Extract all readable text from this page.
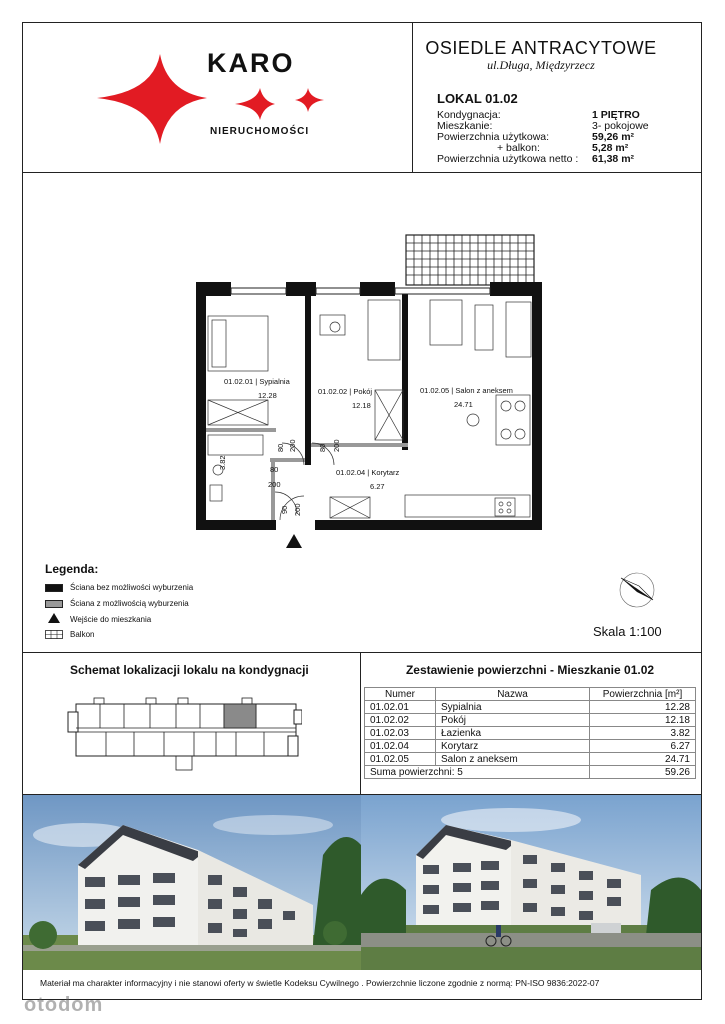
KARO
NIERUCHOMOŚCI
OSIEDLE ANTRACYTOWE
ul.Długa, Międzyrzecz
LOKAL 01.02
Kondygnacja:	1 PIĘTRO
Mieszkanie:	3- pokojowe
Powierzchnia użytkowa:	59,26 m²
+ balkon:	5,28 m²
Powierzchnia użytkowa netto : 61,38 m²
01.02.01 | Sypialnia
12.28	01.02.02 | Pokój
12.18
01.02.05 | Salon z aneksem
24.71
01.02.04 | Korytarz
6.27
01.02.03 | Łazienka
3.82
80 200	80 200
80
200
90 200
Legenda:
Ściana bez możliwości wyburzenia
Ściana z możliwością wyburzenia
Wejście do mieszkania
Balkon	Skala 1:100
Schemat lokalizacji lokalu na kondygnacji	Zestawienie powierzchni - Mieszkanie 01.02
Numer	Nazwa	Powierzchnia [m²]
01.02.01	Sypialnia	12.28
01.02.02	Pokój	12.18
01.02.03	Łazienka	3.82
01.02.04	Korytarz	6.27
01.02.05	Salon z aneksem	24.71
Suma powierzchni: 5		59.26
Materiał ma charakter informacyjny i nie stanowi oferty w świetle Kodeksu Cywilnego . Powierzchnie liczone zgodnie z normą: PN-ISO 9836:2022-07
otodom
